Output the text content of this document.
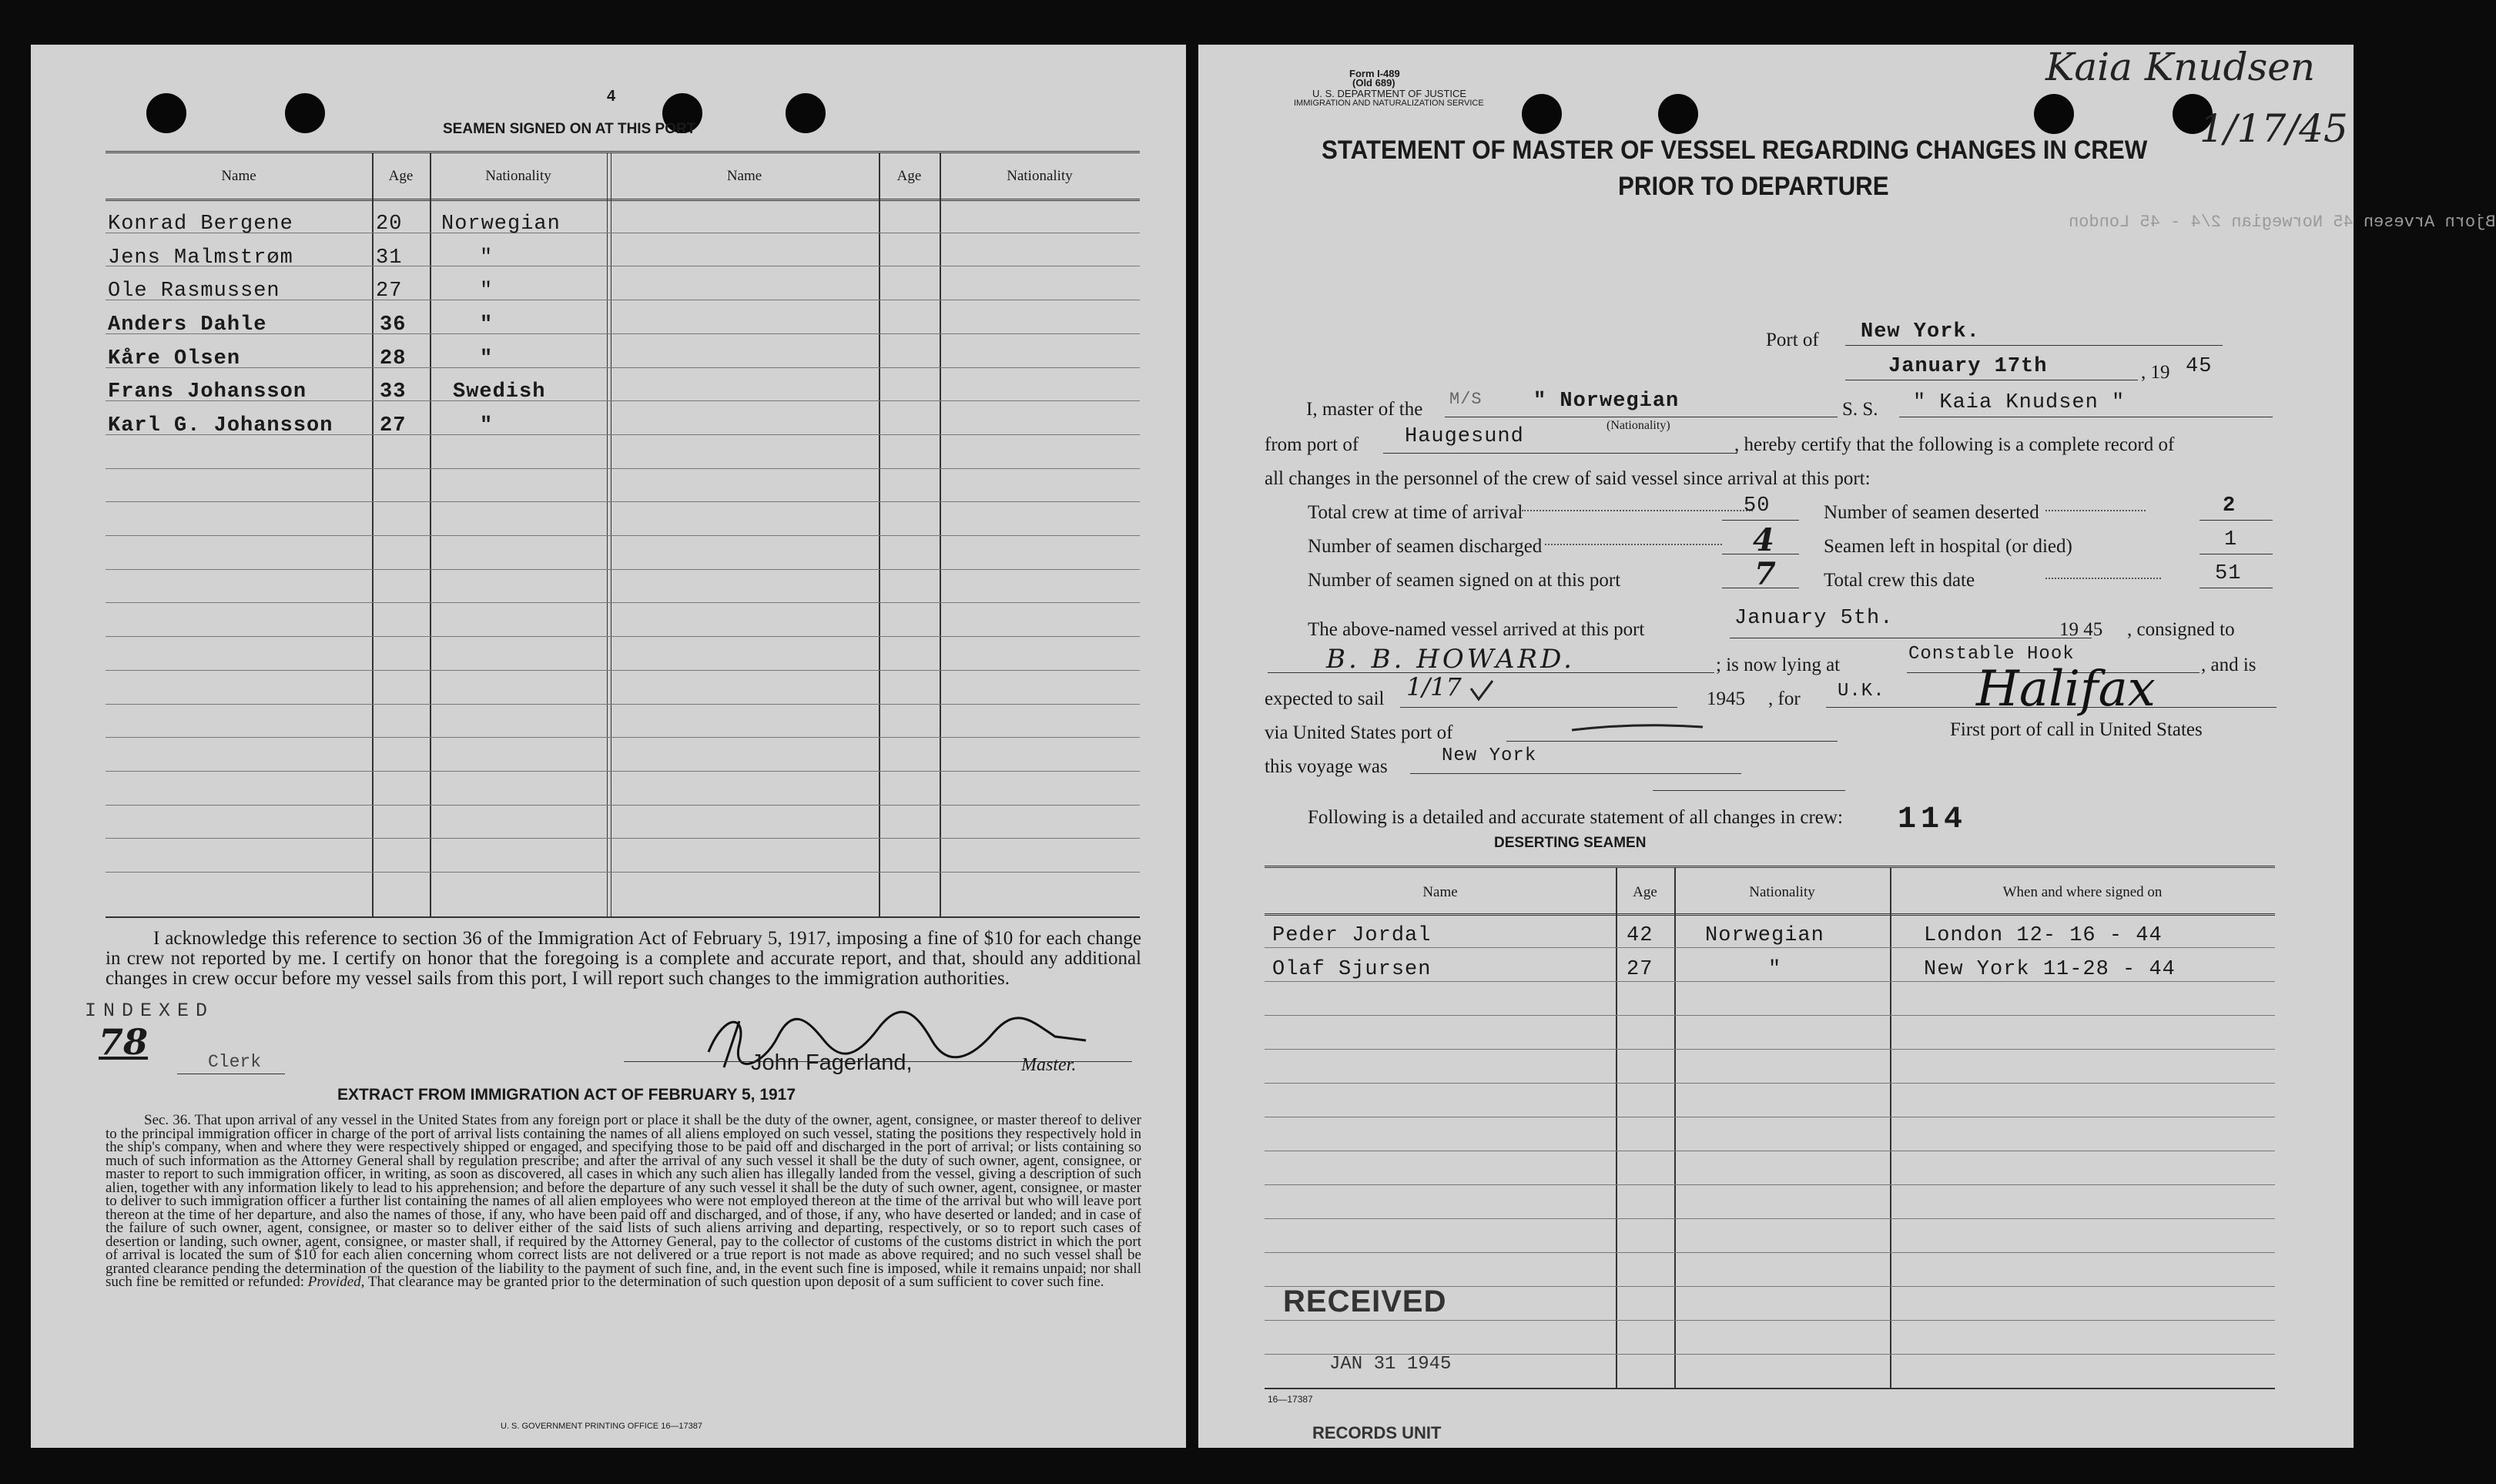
4
SEAMEN SIGNED ON AT THIS PORT
Name	Age	Nationality	Name	Age	Nationality
Konrad Bergene	20 Norwegian
Jens Malmstrøm	31	"
Ole Rasmussen	27	"
Anders Dahle	36	"
Kåre Olsen	28	"
Frans Johansson	33 Swedish
Karl G. Johansson 27	"
I acknowledge this reference to section 36 of the Immigration Act of February 5, 1917, imposing a fine of $10 for each change in crew not reported by me. I certify on honor that the foregoing is a complete and accurate report, and that, should any additional changes in crew occur before my vessel sails from this port, I will report such changes to the immigration authorities.
INDEXED
78	Clerk	John Fagerland,	Master.
EXTRACT FROM IMMIGRATION ACT OF FEBRUARY 5, 1917
Sec. 36. That upon arrival of any vessel in the United States from any foreign port or place it shall be the duty of the owner, agent, consignee, or master thereof to deliver to the principal immigration officer in charge of the port of arrival lists containing the names of all aliens employed on such vessel, stating the positions they respectively hold in the ship's company, when and where they were respectively shipped or engaged, and specifying those to be paid off and discharged in the port of arrival; or lists containing so much of such information as the Attorney General shall by regulation prescribe; and after the arrival of any such vessel it shall be the duty of such owner, agent, consignee, or master to report to such immigration officer, in writing, as soon as discovered, all cases in which any such alien has illegally landed from the vessel, giving a description of such alien, together with any information likely to lead to his apprehension; and before the departure of any such vessel it shall be the duty of such owner, agent, consignee, or master to deliver to such immigration officer a further list containing the names of all alien employees who were not employed thereon at the time of the arrival but who will leave port thereon at the time of her departure, and also the names of those, if any, who have been paid off and discharged, and of those, if any, who have deserted or landed; and in case of the failure of such owner, agent, consignee, or master so to deliver either of the said lists of such aliens arriving and departing, respectively, or so to report such cases of desertion or landing, such owner, agent, consignee, or master shall, if required by the Attorney General, pay to the collector of customs of the customs district in which the port of arrival is located the sum of $10 for each alien concerning whom correct lists are not delivered or a true report is not made as above required; and no such vessel shall be granted clearance pending the determination of the question of the liability to the payment of such fine, and, in the event such fine is imposed, while it remains unpaid; nor shall such fine be remitted or refunded: Provided, That clearance may be granted prior to the determination of such question upon deposit of a sum sufficient to cover such fine.
U. S. GOVERNMENT PRINTING OFFICE 16—17387
Form I-489
(Old 689)
U. S. DEPARTMENT OF JUSTICE
IMMIGRATION AND NATURALIZATION SERVICE
Kaia Knudsen
1/17/45
STATEMENT OF MASTER OF VESSEL REGARDING CHANGES IN CREW
PRIOR TO DEPARTURE
Bjorn Arvesen 45 Norwegian 2/4 - 45 London
Port of New York.
January 17th	, 19 45
I, master of the M/S " Norwegian
(Nationality)
S. S. " Kaia Knudsen "
from port of Haugesund	, hereby certify that the following is a complete record of
all changes in the personnel of the crew of said vessel since arrival at this port:
Total crew at time of arrival	50
Number of seamen discharged	4
Number of seamen signed on at this port	7
Number of seamen deserted	2
Seamen left in hospital (or died)	1
Total crew this date	51
The above-named vessel arrived at this port	January 5th.	19 45 , consigned to
B. B. HOWARD.	; is now lying at
Constable Hook
, and is
expected to sail 1/17	1945 , for U.K. Halifax
via United States port of	First port of call in United States
this voyage was
New York
Following is a detailed and accurate statement of all changes in crew: 114
DESERTING SEAMEN
Name	Age	Nationality	When and where signed on
Peder Jordal	42	Norwegian	London 12- 16 - 44
Olaf Sjursen	27	"	New York 11-28 - 44
RECEIVED
JAN 31 1945
16—17387
RECORDS UNIT
